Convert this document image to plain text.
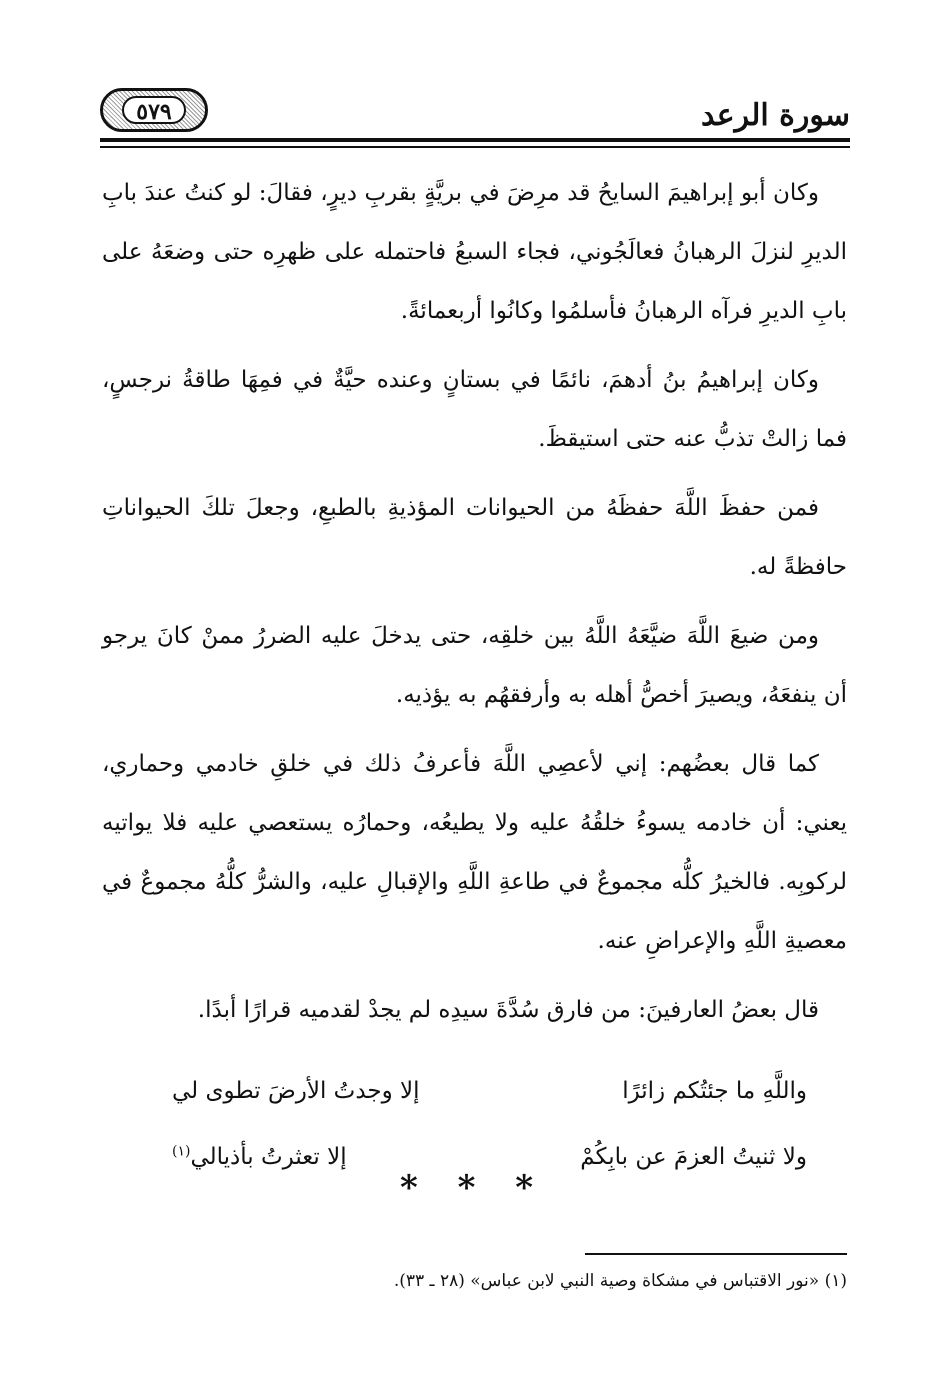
سورة الرعد
٥٧٩

وكان أبو إبراهيمَ السايحُ قد مرِضَ في بريَّةٍ بقربِ ديرٍ، فقالَ: لو كنتُ عندَ بابِ الديرِ لنزلَ الرهبانُ فعالَجُوني، فجاء السبعُ فاحتمله على ظهرِه حتى وضعَهُ على بابِ الديرِ فرآه الرهبانُ فأسلمُوا وكانُوا أربعمائةً.

وكان إبراهيمُ بنُ أدهمَ، نائمًا في بستانٍ وعنده حيَّةٌ في فمِهَا طاقةُ نرجسٍ، فما زالتْ تذبُّ عنه حتى استيقظَ.

فمن حفظَ اللَّهَ حفظَهُ من الحيوانات المؤذيةِ بالطبعِ، وجعلَ تلكَ الحيواناتِ حافظةً له.

ومن ضيعَ اللَّهَ ضيَّعَهُ اللَّهُ بين خلقِه، حتى يدخلَ عليه الضررُ ممنْ كانَ يرجو أن ينفعَهُ، ويصيرَ أخصُّ أهله به وأرفقهُم به يؤذيه.

كما قال بعضُهم: إني لأعصِي اللَّهَ فأعرفُ ذلك في خلقِ خادمي وحماري، يعني: أن خادمه يسوءُ خلقُهُ عليه ولا يطيعُه، وحمارُه يستعصي عليه فلا يواتيه لركوبِه. فالخيرُ كلُّه مجموعٌ في طاعةِ اللَّهِ والإقبالِ عليه، والشرُّ كلُّهُ مجموعٌ في معصيةِ اللَّهِ والإعراضِ عنه.

قال بعضُ العارفينَ: من فارق سُدَّةَ سيدِه لم يجدْ لقدميه قرارًا أبدًا.

واللَّهِ ما جئتُكم زائرًا
إلا وجدتُ الأرضَ تطوى لي
ولا ثنيتُ العزمَ عن بابِكُمْ
إلا تعثرتُ بأذيالي$^{(١)}$
* * *
(١) «نور الاقتباس في مشكاة وصية النبي لابن عباس» (٢٨ ـ ٣٣).
